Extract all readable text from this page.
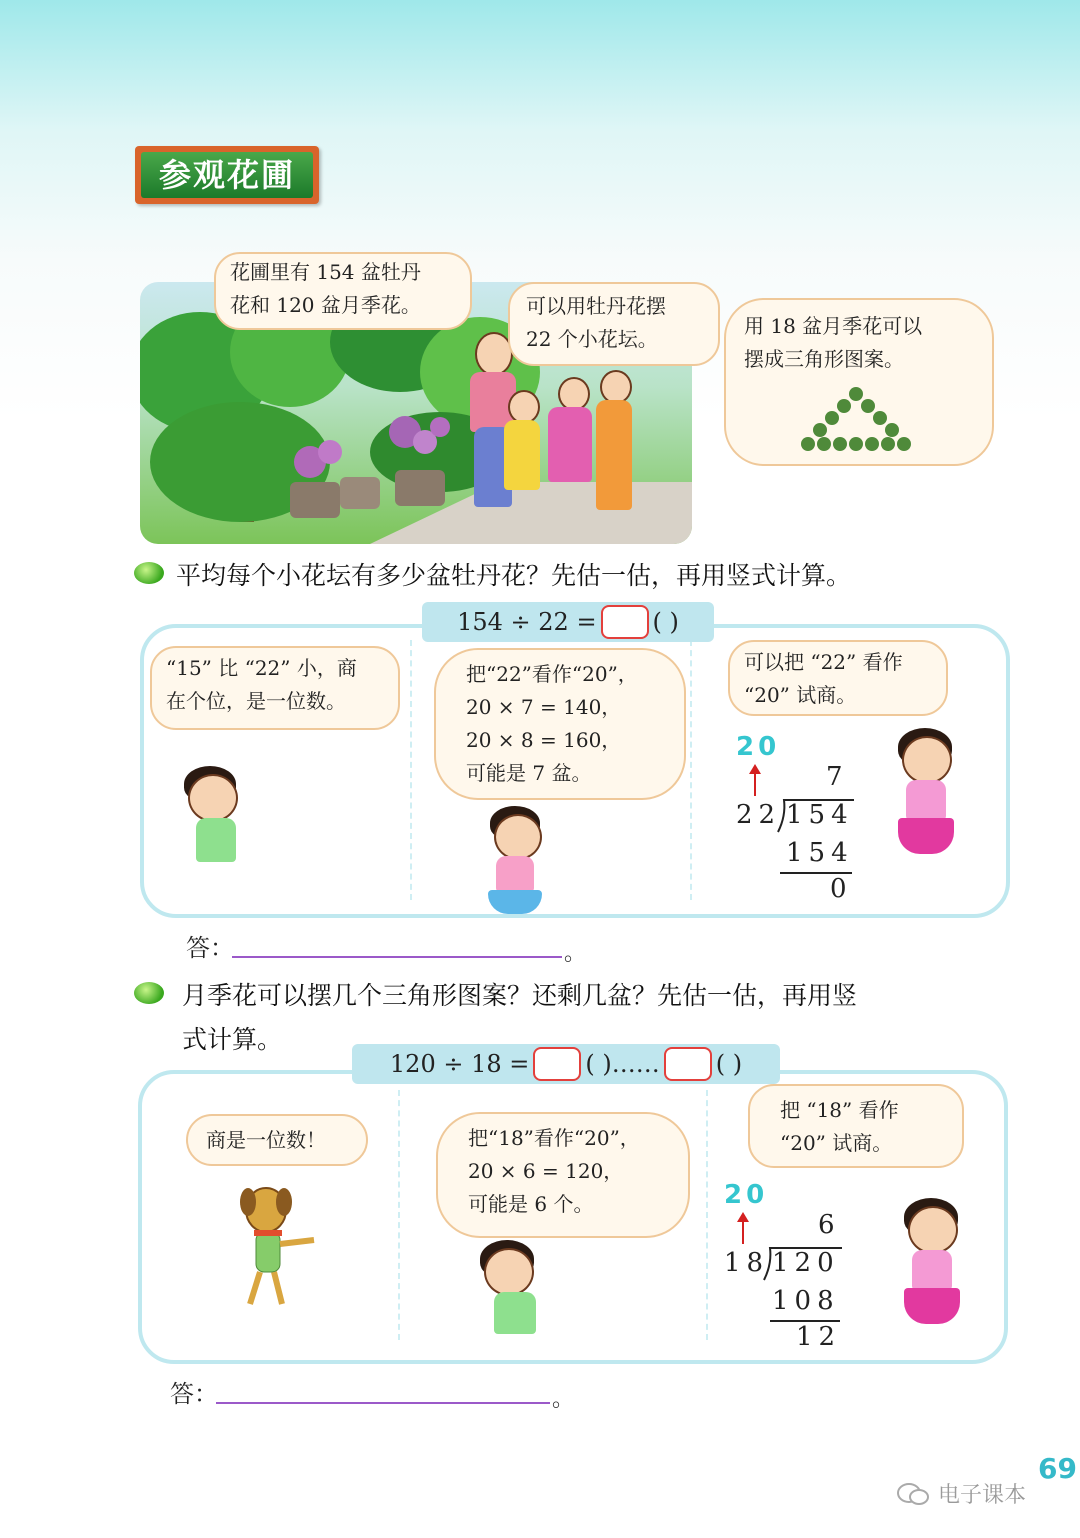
参观花圃
花圃里有 154 盆牡丹
花和 120 盆月季花。	可以用牡丹花摆
22 个小花坛。
用 18 盆月季花可以
摆成三角形图案。
平均每个小花坛有多少盆牡丹花？先估一估，再用竖式计算。
154 ÷ 22 = ( )
“15” 比 “22” 小，商
在个位，是一位数。
把“22”看作“20”，
20 × 7 = 140，
20 × 8 = 160，
可能是 7 盆。
可以把 “22” 看作
“20” 试商。
20
7
22 154
154
0
答：	。
月季花可以摆几个三角形图案？还剩几盆？先估一估，再用竖
式计算。
120 ÷ 18 = ( ) …… ( )
商是一位数！	把“18”看作“20”，
20 × 6 = 120，
可能是 6 个。
把 “18” 看作
“20” 试商。
20
6
18 120
108
12
答：	。
69
电子课本
